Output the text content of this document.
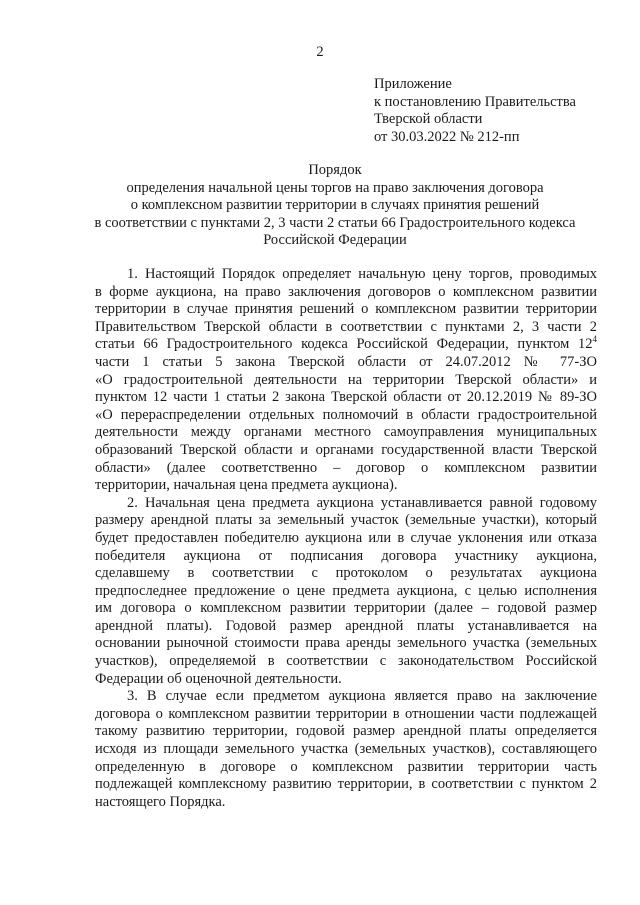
2
Приложение
к постановлению Правительства
Тверской области
от 30.03.2022 № 212-пп
Порядок
определения начальной цены торгов на право заключения договора
о комплексном развитии территории в случаях принятия решений
в соответствии с пунктами 2, 3 части 2 статьи 66 Градостроительного кодекса
Российской Федерации
1. Настоящий Порядок определяет начальную цену торгов, проводимых
в форме аукциона, на право заключения договоров о комплексном развитии
территории в случае принятия решений о комплексном развитии территории
Правительством Тверской области в соответствии с пунктами 2, 3 части 2
статьи 66 Градостроительного кодекса Российской Федерации, пунктом $12^4$
части 1 статьи 5 закона Тверской области от 24.07.2012 № 77-ЗО
«О градостроительной деятельности на территории Тверской области» и
пунктом 12 части 1 статьи 2 закона Тверской области от 20.12.2019 № 89-ЗО
«О перераспределении отдельных полномочий в области градостроительной
деятельности между органами местного самоуправления муниципальных
образований Тверской области и органами государственной власти Тверской
области» (далее соответственно – договор о комплексном развитии
территории, начальная цена предмета аукциона).
2. Начальная цена предмета аукциона устанавливается равной годовому
размеру арендной платы за земельный участок (земельные участки), который
будет предоставлен победителю аукциона или в случае уклонения или отказа
победителя аукциона от подписания договора участнику аукциона,
сделавшему в соответствии с протоколом о результатах аукциона
предпоследнее предложение о цене предмета аукциона, с целью исполнения
им договора о комплексном развитии территории (далее – годовой размер
арендной платы). Годовой размер арендной платы устанавливается на
основании рыночной стоимости права аренды земельного участка (земельных
участков), определяемой в соответствии с законодательством Российской
Федерации об оценочной деятельности.
3. В случае если предметом аукциона является право на заключение
договора о комплексном развитии территории в отношении части подлежащей
такому развитию территории, годовой размер арендной платы определяется
исходя из площади земельного участка (земельных участков), составляющего
определенную в договоре о комплексном развитии территории часть
подлежащей комплексному развитию территории, в соответствии с пунктом 2
настоящего Порядка.
